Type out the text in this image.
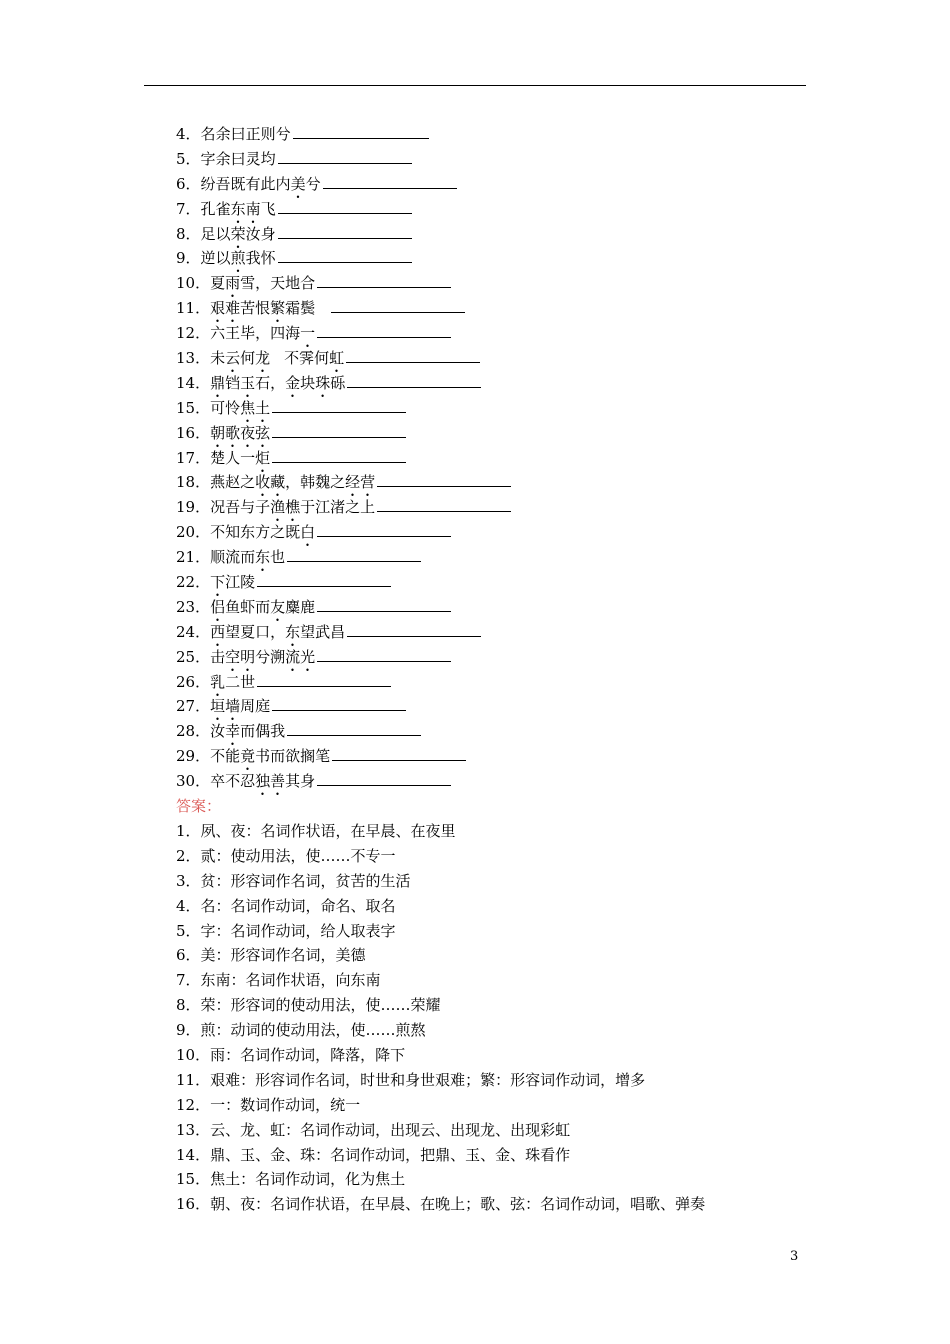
4．名余曰正则兮
5．字余曰灵均
6．纷吾既有此内美兮
7．孔雀东南飞
8．足以荣汝身
9．逆以煎我怀
10．夏雨雪，天地合
11．艰难苦恨繁霜鬓
12．六王毕，四海一
13．未云何龙 不霁何虹
14．鼎铛玉石，金块珠砾
15．可怜焦土
16．朝歌夜弦
17．楚人一炬
18．燕赵之收藏，韩魏之经营
19．况吾与子渔樵于江渚之上
20．不知东方之既白
21．顺流而东也
22．下江陵
23．侣鱼虾而友麋鹿
24．西望夏口，东望武昌
25．击空明兮溯流光
26．乳二世
27．垣墙周庭
28．汝幸而偶我
29．不能竟书而欲搁笔
30．卒不忍独善其身
答案：
1．夙、夜：名词作状语，在早晨、在夜里
2．贰：使动用法，使……不专一
3．贫：形容词作名词，贫苦的生活
4．名：名词作动词，命名、取名
5．字：名词作动词，给人取表字
6．美：形容词作名词，美德
7．东南：名词作状语，向东南
8．荣：形容词的使动用法，使……荣耀
9．煎：动词的使动用法，使……煎熬
10．雨：名词作动词，降落，降下
11．艰难：形容词作名词，时世和身世艰难；繁：形容词作动词，增多
12．一：数词作动词，统一
13．云、龙、虹：名词作动词，出现云、出现龙、出现彩虹
14．鼎、玉、金、珠：名词作动词，把鼎、玉、金、珠看作
15．焦土：名词作动词，化为焦土
16．朝、夜：名词作状语，在早晨、在晚上；歌、弦：名词作动词，唱歌、弹奏
3
